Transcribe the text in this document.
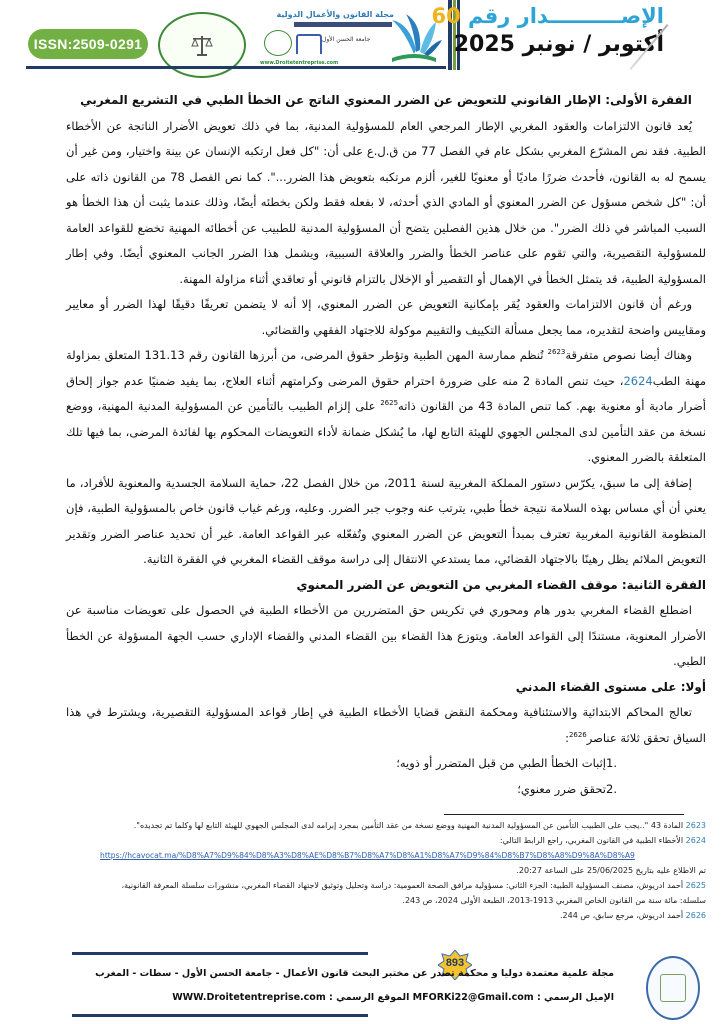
ISSN:2509-0291
مجلة القانون والأعمال الدولية
جامعة الحسن الأول
www.Droitetentreprise.com
الإصــــــــــدار رقم 60
أكتوبر / نونبر 2025

الفقرة الأولى: الإطار القانوني للتعويض عن الضرر المعنوي الناتج عن الخطأ الطبي في التشريع المغربي

يُعد قانون الالتزامات والعقود المغربي الإطار المرجعي العام للمسؤولية المدنية، بما في ذلك تعويض الأضرار الناتجة عن الأخطاء الطبية. فقد نص المشرّع المغربي بشكل عام في الفصل 77 من ق.ل.ع على أن: "كل فعل ارتكبه الإنسان عن بينة واختيار، ومن غير أن يسمح له به القانون، فأحدث ضررًا ماديًا أو معنويًا للغير، ألزم مرتكبه بتعويض هذا الضرر...". كما نص الفصل 78 من القانون ذاته على أن: "كل شخص مسؤول عن الضرر المعنوي أو المادي الذي أحدثه، لا بفعله فقط ولكن بخطئه أيضًا، وذلك عندما يثبت أن هذا الخطأ هو السبب المباشر في ذلك الضرر". من خلال هذين الفصلين يتضح أن المسؤولية المدنية للطبيب عن أخطائه المهنية تخضع للقواعد العامة للمسؤولية التقصيرية، والتي تقوم على عناصر الخطأ والضرر والعلاقة السببية، ويشمل هذا الضرر الجانب المعنوي أيضًا. وفي إطار المسؤولية الطبية، قد يتمثل الخطأ في الإهمال أو التقصير أو الإخلال بالتزام قانوني أو تعاقدي أثناء مزاولة المهنة.

ورغم أن قانون الالتزامات والعقود يُقر بإمكانية التعويض عن الضرر المعنوي، إلا أنه لا يتضمن تعريفًا دقيقًا لهذا الضرر أو معايير ومقاييس واضحة لتقديره، مما يجعل مسألة التكييف والتقييم موكولة للاجتهاد الفقهي والقضائي.

وهناك أيضا نصوص متفرقة$^{2623}$ تُنظم ممارسة المهن الطبية وتؤطر حقوق المرضى، من أبرزها القانون رقم 131.13 المتعلق بمزاولة مهنة الطب2624، حيث تنص المادة 2 منه على ضرورة احترام حقوق المرضى وكرامتهم أثناء العلاج، بما يفيد ضمنيًا عدم جواز إلحاق أضرار مادية أو معنوية بهم. كما تنص المادة 43 من القانون ذاته$^{2625}$ على إلزام الطبيب بالتأمين عن المسؤولية المدنية المهنية، ووضع نسخة من عقد التأمين لدى المجلس الجهوي للهيئة التابع لها، ما يُشكل ضمانة لأداء التعويضات المحكوم بها لفائدة المرضى، بما فيها تلك المتعلقة بالضرر المعنوي.

إضافة إلى ما سبق، يكرّس دستور المملكة المغربية لسنة 2011، من خلال الفصل 22، حماية السلامة الجسدية والمعنوية للأفراد، ما يعني أن أي مساس بهذه السلامة نتيجة خطأ طبي، يترتب عنه وجوب جبر الضرر. وعليه، ورغم غياب قانون خاص بالمسؤولية الطبية، فإن المنظومة القانونية المغربية تعترف بمبدأ التعويض عن الضرر المعنوي وتُفعّله عبر القواعد العامة. غير أن تحديد عناصر الضرر وتقدير التعويض الملائم يظل رهينًا بالاجتهاد القضائي، مما يستدعي الانتقال إلى دراسة موقف القضاء المغربي في الفقرة الثانية.

الفقرة الثانية: موقف القضاء المغربي من التعويض عن الضرر المعنوي

اضطلع القضاء المغربي بدور هام ومحوري في تكريس حق المتضررين من الأخطاء الطبية في الحصول على تعويضات مناسبة عن الأضرار المعنوية، مستندًا إلى القواعد العامة. ويتوزع هذا القضاء بين القضاء المدني والقضاء الإداري حسب الجهة المسؤولة عن الخطأ الطبي.

أولا: على مستوى القضاء المدني

تعالج المحاكم الابتدائية والاستئنافية ومحكمة النقض قضايا الأخطاء الطبية في إطار قواعد المسؤولية التقصيرية، ويشترط في هذا السياق تحقق ثلاثة عناصر$^{2626}$:

1.
إثبات الخطأ الطبي من قبل المتضرر أو ذويه؛
2.
تحقق ضرر معنوي؛
2623 المادة 43 "..يجب على الطبيب التأمين عن المسؤولية المدنية المهنية ووضع نسخة من عقد التأمين بمجرد إبرامه لدى المجلس الجهوي للهيئة التابع لها وكلما تم تجديده".
2624 الأخطاء الطبية في القانون المغربي، راجع الرابط التالي:
https://hcavocat.ma/%D8%A7%D9%84%D8%A3%D8%AE%D8%B7%D8%A7%D8%A1%D8%A7%D9%84%D8%B7%D8%A8%D9%8A%D8%A9
تم الاطلاع عليه بتاريخ 25/06/2025 على الساعة 20:27.
2625 أحمد ادريوش، مصنف المسؤولية الطبية: الجزء الثاني: مسؤولية مرافق الصحة العمومية: دراسة وتحليل وتوثيق لاجتهاد القضاء المغربي، منشورات سلسلة المعرفة القانونية،
سلسلة: مائة سنة من القانون الخاص المغربي 1913-2013، الطبعة الأولى 2024، ص 243.
2626 أحمد ادريوش، مرجع سابق، ص 244.
893
مجلة علمية معتمدة دوليا و محكمة تصدر عن مختبر البحث قانون الأعمال - جامعة الحسن الأول - سطات - المغرب
الإميل الرسمي : MFORKi22@Gmail.com الموقع الرسمي : WWW.Droitetentreprise.com
